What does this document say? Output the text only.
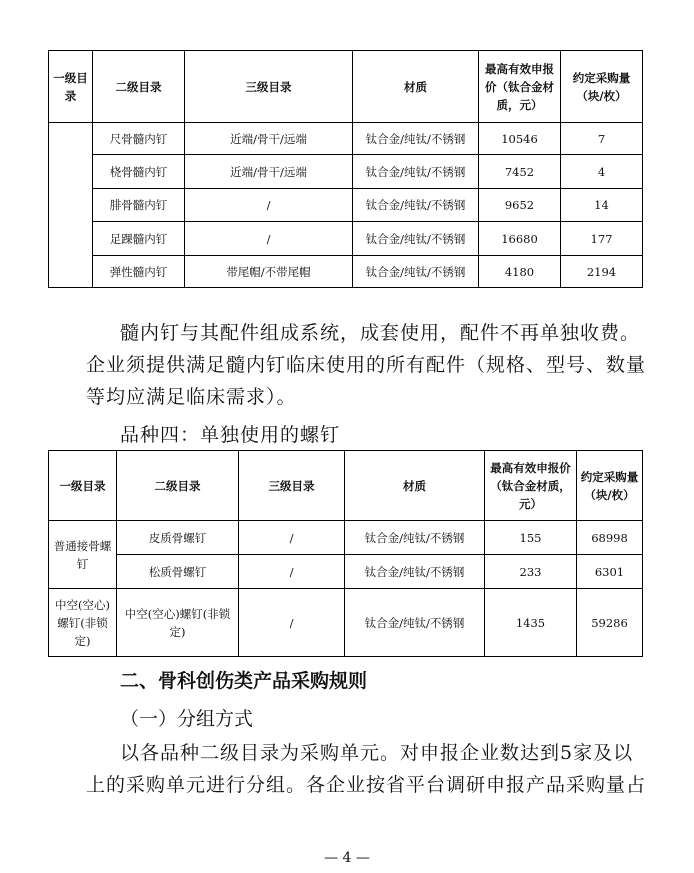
一级目录	二级目录	三级目录	材质	最高有效申报价（钛合金材质，元）	约定采购量（块/枚）
	尺骨髓内钉	近端/骨干/远端	钛合金/纯钛/不锈钢	10546	7
	桡骨髓内钉	近端/骨干/远端	钛合金/纯钛/不锈钢	7452	4
	腓骨髓内钉	/	钛合金/纯钛/不锈钢	9652	14
	足踝髓内钉	/	钛合金/纯钛/不锈钢	16680	177
	弹性髓内钉	带尾帽/不带尾帽	钛合金/纯钛/不锈钢	4180	2194
髓内钉与其配件组成系统，成套使用，配件不再单独收费。
企业须提供满足髓内钉临床使用的所有配件（规格、型号、数量
等均应满足临床需求）。
品种四：单独使用的螺钉
一级目录	二级目录	三级目录	材质	最高有效申报价（钛合金材质，元）	约定采购量（块/枚）
普通接骨螺钉	皮质骨螺钉	/	钛合金/纯钛/不锈钢	155	68998
	松质骨螺钉	/	钛合金/纯钛/不锈钢	233	6301
中空(空心)螺钉(非锁定)	中空(空心)螺钉(非锁定)	/	钛合金/纯钛/不锈钢	1435	59286
二、骨科创伤类产品采购规则
（一）分组方式
以各品种二级目录为采购单元。对申报企业数达到5家及以
上的采购单元进行分组。各企业按省平台调研申报产品采购量占
— 4 —
